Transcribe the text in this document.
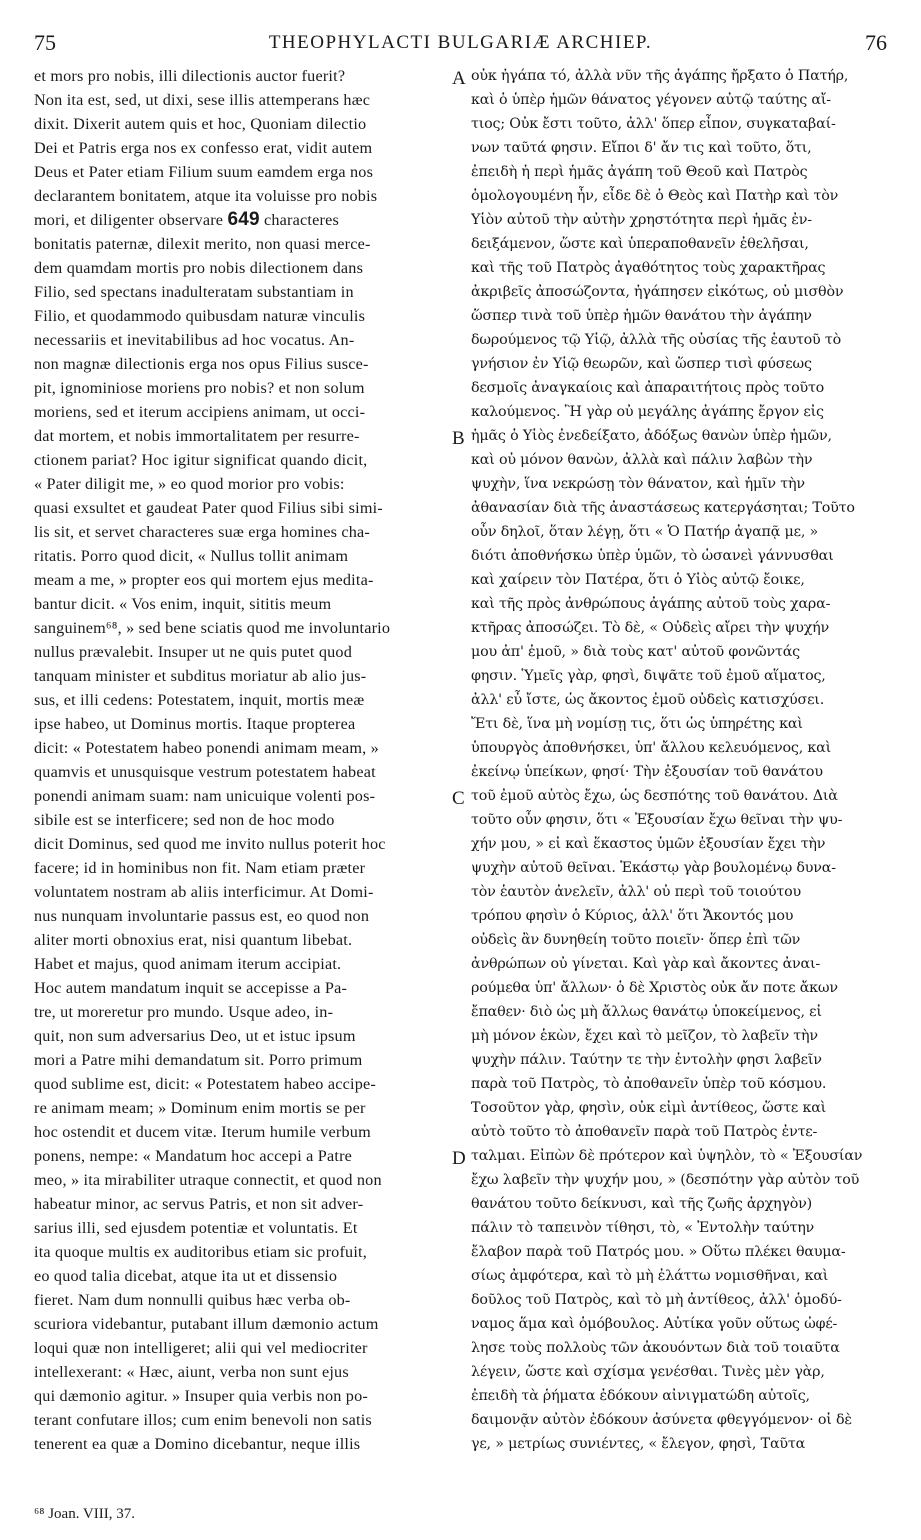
75	THEOPHYLACTI BULGARIÆ ARCHIEP.	76
et mors pro nobis, illi dilectionis auctor fuerit?
Non ita est, sed, ut dixi, sese illis attemperans hæc
dixit. Dixerit autem quis et hoc, Quoniam dilectio
Dei et Patris erga nos ex confesso erat, vidit autem
Deus et Pater etiam Filium suum eamdem erga nos
declarantem bonitatem, atque ita voluisse pro nobis
mori, et diligenter observare 649 characteres
bonitatis paternæ, dilexit merito, non quasi merce-
dem quamdam mortis pro nobis dilectionem dans
Filio, sed spectans inadulteratam substantiam in
Filio, et quodammodo quibusdam naturæ vinculis
necessariis et inevitabilibus ad hoc vocatus. An-
non magnæ dilectionis erga nos opus Filius susce-
pit, ignominiose moriens pro nobis? et non solum
moriens, sed et iterum accipiens animam, ut occi-
dat mortem, et nobis immortalitatem per resurre-
ctionem pariat? Hoc igitur significat quando dicit,
« Pater diligit me, » eo quod morior pro vobis:
quasi exsultet et gaudeat Pater quod Filius sibi simi-
lis sit, et servet characteres suæ erga homines cha-
ritatis. Porro quod dicit, « Nullus tollit animam
meam a me, » propter eos qui mortem ejus medita-
bantur dicit. « Vos enim, inquit, sititis meum
sanguinem⁶⁸, » sed bene sciatis quod me involuntario
nullus prævalebit. Insuper ut ne quis putet quod
tanquam minister et subditus moriatur ab alio jus-
sus, et illi cedens: Potestatem, inquit, mortis meæ
ipse habeo, ut Dominus mortis. Itaque propterea
dicit: « Potestatem habeo ponendi animam meam, »
quamvis et unusquisque vestrum potestatem habeat
ponendi animam suam: nam unicuique volenti pos-
sibile est se interficere; sed non de hoc modo
dicit Dominus, sed quod me invito nullus poterit hoc
facere; id in hominibus non fit. Nam etiam præter
voluntatem nostram ab aliis interficimur. At Domi-
nus nunquam involuntarie passus est, eo quod non
aliter morti obnoxius erat, nisi quantum libebat.
Habet et majus, quod animam iterum accipiat.
Hoc autem mandatum inquit se accepisse a Pa-
tre, ut moreretur pro mundo. Usque adeo, in-
quit, non sum adversarius Deo, ut et istuc ipsum
mori a Patre mihi demandatum sit. Porro primum
quod sublime est, dicit: « Potestatem habeo accipe-
re animam meam; » Dominum enim mortis se per
hoc ostendit et ducem vitæ. Iterum humile verbum
ponens, nempe: « Mandatum hoc accepi a Patre
meo, » ita mirabiliter utraque connectit, et quod non
habeatur minor, ac servus Patris, et non sit adver-
sarius illi, sed ejusdem potentiæ et voluntatis. Et
ita quoque multis ex auditoribus etiam sic profuit,
eo quod talia dicebat, atque ita ut et dissensio
fieret. Nam dum nonnulli quibus hæc verba ob-
scuriora videbantur, putabant illum dæmonio actum
loqui quæ non intelligeret; alii qui vel mediocriter
intellexerant: « Hæc, aiunt, verba non sunt ejus
qui dæmonio agitur. » Insuper quia verbis non po-
terant confutare illos; cum enim benevoli non satis
tenerent ea quæ a Domino dicebantur, neque illis
οὐκ ἠγάπα τό, ἀλλὰ νῦν τῆς ἀγάπης ἤρξατο ὁ Πατήρ,
καὶ ὁ ὑπὲρ ἡμῶν θάνατος γέγονεν αὐτῷ ταύτης αἴ-
τιος; Οὐκ ἔστι τοῦτο, ἀλλ' ὅπερ εἶπον, συγκαταβαί-
νων ταῦτά φησιν. Εἴποι δ' ἄν τις καὶ τοῦτο, ὅτι,
ἐπειδὴ ἡ περὶ ἡμᾶς ἀγάπη τοῦ Θεοῦ καὶ Πατρὸς
ὁμολογουμένη ἦν, εἶδε δὲ ὁ Θεὸς καὶ Πατὴρ καὶ τὸν
Υἱὸν αὐτοῦ τὴν αὐτὴν χρηστότητα περὶ ἡμᾶς ἐν-
δειξάμενον, ὥστε καὶ ὑπεραποθανεῖν ἐθελῆσαι,
καὶ τῆς τοῦ Πατρὸς ἀγαθότητος τοὺς χαρακτῆρας
ἀκριβεῖς ἀποσώζοντα, ἠγάπησεν εἰκότως, οὐ μισθὸν
ὥσπερ τινὰ τοῦ ὑπὲρ ἡμῶν θανάτου τὴν ἀγάπην
δωρούμενος τῷ Υἱῷ, ἀλλὰ τῆς οὐσίας τῆς ἑαυτοῦ τὸ
γνήσιον ἐν Υἱῷ θεωρῶν, καὶ ὥσπερ τισὶ φύσεως
δεσμοῖς ἀναγκαίοις καὶ ἀπαραιτήτοις πρὸς τοῦτο
καλούμενος. Ἢ γὰρ οὐ μεγάλης ἀγάπης ἔργον εἰς
ἡμᾶς ὁ Υἱὸς ἐνεδείξατο, ἀδόξως θανὼν ὑπὲρ ἡμῶν,
καὶ οὐ μόνον θανὼν, ἀλλὰ καὶ πάλιν λαβὼν τὴν
ψυχὴν, ἵνα νεκρώσῃ τὸν θάνατον, καὶ ἡμῖν τὴν
ἀθανασίαν διὰ τῆς ἀναστάσεως κατεργάσηται; Τοῦτο
οὖν δηλοῖ, ὅταν λέγῃ, ὅτι « Ὁ Πατήρ ἀγαπᾷ με, »
διότι ἀποθνήσκω ὑπὲρ ὑμῶν, τὸ ὡσανεὶ γάννυσθαι
καὶ χαίρειν τὸν Πατέρα, ὅτι ὁ Υἱὸς αὐτῷ ἔοικε,
καὶ τῆς πρὸς ἀνθρώπους ἀγάπης αὐτοῦ τοὺς χαρα-
κτῆρας ἀποσώζει. Τὸ δὲ, « Οὐδεὶς αἴρει τὴν ψυχήν
μου ἀπ' ἐμοῦ, » διὰ τοὺς κατ' αὐτοῦ φονῶντάς
φησιν. Ὑμεῖς γὰρ, φησὶ, διψᾶτε τοῦ ἐμοῦ αἵματος,
ἀλλ' εὖ ἴστε, ὡς ἄκοντος ἐμοῦ οὐδεὶς κατισχύσει.
Ἔτι δὲ, ἵνα μὴ νομίσῃ τις, ὅτι ὡς ὑπηρέτης καὶ
ὑπουργὸς ἀποθνήσκει, ὑπ' ἄλλου κελευόμενος, καὶ
ἐκείνῳ ὑπείκων, φησί· Τὴν ἐξουσίαν τοῦ θανάτου
τοῦ ἐμοῦ αὐτὸς ἔχω, ὡς δεσπότης τοῦ θανάτου. Διὰ
τοῦτο οὖν φησιν, ὅτι « Ἐξουσίαν ἔχω θεῖναι τὴν ψυ-
χήν μου, » εἰ καὶ ἕκαστος ὑμῶν ἐξουσίαν ἔχει τὴν
ψυχὴν αὐτοῦ θεῖναι. Ἑκάστῳ γὰρ βουλομένῳ δυνα-
τὸν ἑαυτὸν ἀνελεῖν, ἀλλ' οὐ περὶ τοῦ τοιούτου
τρόπου φησὶν ὁ Κύριος, ἀλλ' ὅτι Ἄκοντός μου
οὐδεὶς ἂν δυνηθείη τοῦτο ποιεῖν· ὅπερ ἐπὶ τῶν
ἀνθρώπων οὐ γίνεται. Καὶ γὰρ καὶ ἄκοντες ἀναι-
ρούμεθα ὑπ' ἄλλων· ὁ δὲ Χριστὸς οὐκ ἄν ποτε ἄκων
ἔπαθεν· διὸ ὡς μὴ ἄλλως θανάτῳ ὑποκείμενος, εἰ
μὴ μόνον ἑκὼν, ἔχει καὶ τὸ μεῖζον, τὸ λαβεῖν τὴν
ψυχὴν πάλιν. Ταύτην τε τὴν ἐντολὴν φησι λαβεῖν
παρὰ τοῦ Πατρὸς, τὸ ἀποθανεῖν ὑπὲρ τοῦ κόσμου.
Τοσοῦτον γὰρ, φησὶν, οὐκ εἰμὶ ἀντίθεος, ὥστε καὶ
αὐτὸ τοῦτο τὸ ἀποθανεῖν παρὰ τοῦ Πατρὸς ἐντε-
ταλμαι. Εἰπὼν δὲ πρότερον καὶ ὑψηλὸν, τὸ « Ἐξουσίαν
ἔχω λαβεῖν τὴν ψυχήν μου, » (δεσπότην γὰρ αὐτὸν τοῦ
θανάτου τοῦτο δείκνυσι, καὶ τῆς ζωῆς ἀρχηγὸν)
πάλιν τὸ ταπεινὸν τίθησι, τὸ, « Ἐντολὴν ταύτην
ἔλαβον παρὰ τοῦ Πατρός μου. » Οὕτω πλέκει θαυμα-
σίως ἀμφότερα, καὶ τὸ μὴ ἐλάττω νομισθῆναι, καὶ
δοῦλος τοῦ Πατρὸς, καὶ τὸ μὴ ἀντίθεος, ἀλλ' ὁμοδύ-
ναμος ἅμα καὶ ὁμόβουλος. Αὐτίκα γοῦν οὕτως ὠφέ-
λησε τοὺς πολλοὺς τῶν ἀκουόντων διὰ τοῦ τοιαῦτα
λέγειν, ὥστε καὶ σχίσμα γενέσθαι. Τινὲς μὲν γὰρ,
ἐπειδὴ τὰ ῥήματα ἐδόκουν αἰνιγματώδη αὐτοῖς,
δαιμονᾷν αὐτὸν ἐδόκουν ἀσύνετα φθεγγόμενον· οἱ δὲ
γε, » μετρίως συνιέντες, « ἔλεγον, φησὶ, Ταῦτα
A
B
C
D
⁶⁸ Joan. VIII, 37.
